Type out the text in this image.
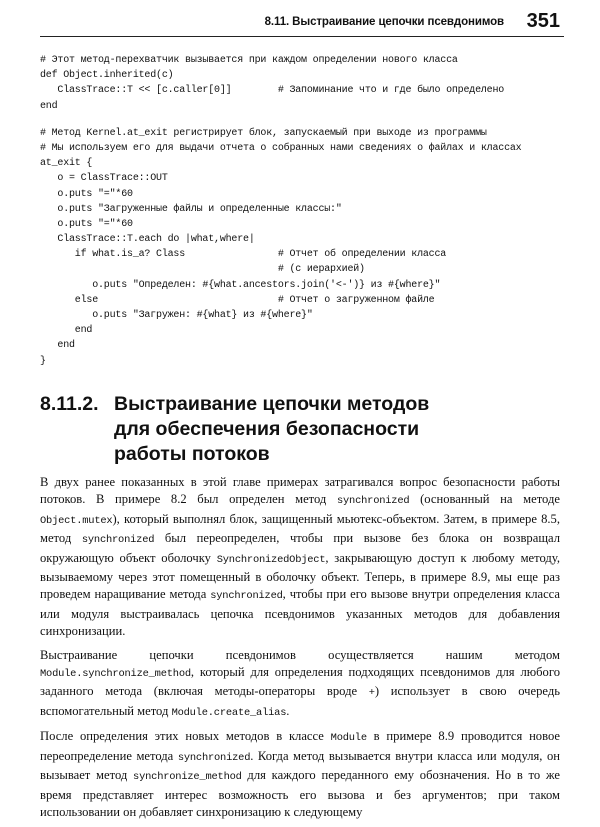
8.11. Выстраивание цепочки псевдонимов 351
# Этот метод-перехватчик вызывается при каждом определении нового класса
def Object.inherited(c)
ClassTrace::T << [c.caller[0]]        # Запоминание что и где было определено
end
# Метод Kernel.at_exit регистрирует блок, запускаемый при выходе из программы
# Мы используем его для выдачи отчета о собранных нами сведениях о файлах и классах
at_exit {
o = ClassTrace::OUT
o.puts "="*60
o.puts "Загруженные файлы и определенные классы:"
o.puts "="*60
ClassTrace::T.each do |what,where|
if what.is_a? Class                # Отчет об определении класса
# (с иерархией)
o.puts "Определен: #{what.ancestors.join('<-')} из #{where}"
else                               # Отчет о загруженном файле
o.puts "Загружен: #{what} из #{where}"
end
end
}
8.11.2. Выстраивание цепочки методов
для обеспечения безопасности
работы потоков

В двух ранее показанных в этой главе примерах затрагивался вопрос безопасности работы потоков. В примере 8.2 был определен метод synchronized (основанный на методе Object.mutex), который выполнял блок, защищенный мьютекс-объектом. Затем, в примере 8.5, метод synchronized был переопределен, чтобы при вызове без блока он возвращал окружающую объект оболочку SynchronizedObject, закрывающую доступ к любому методу, вызываемому через этот помещенный в оболочку объект. Теперь, в примере 8.9, мы еще раз проведем наращивание метода synchronized, чтобы при его вызове внутри определения класса или модуля выстраивалась цепочка псевдонимов указанных методов для добавления синхронизации.

Выстраивание цепочки псевдонимов осуществляется нашим методом Module.synchronize_method, который для определения подходящих псевдонимов для любого заданного метода (включая методы-операторы вроде +) использует в свою очередь вспомогательный метод Module.create_alias.

После определения этих новых методов в классе Module в примере 8.9 проводится новое переопределение метода synchronized. Когда метод вызывается внутри класса или модуля, он вызывает метод synchronize_method для каждого переданного ему обозначения. Но в то же время представляет интерес возможность его вызова и без аргументов; при таком использовании он добавляет синхронизацию к следующему
